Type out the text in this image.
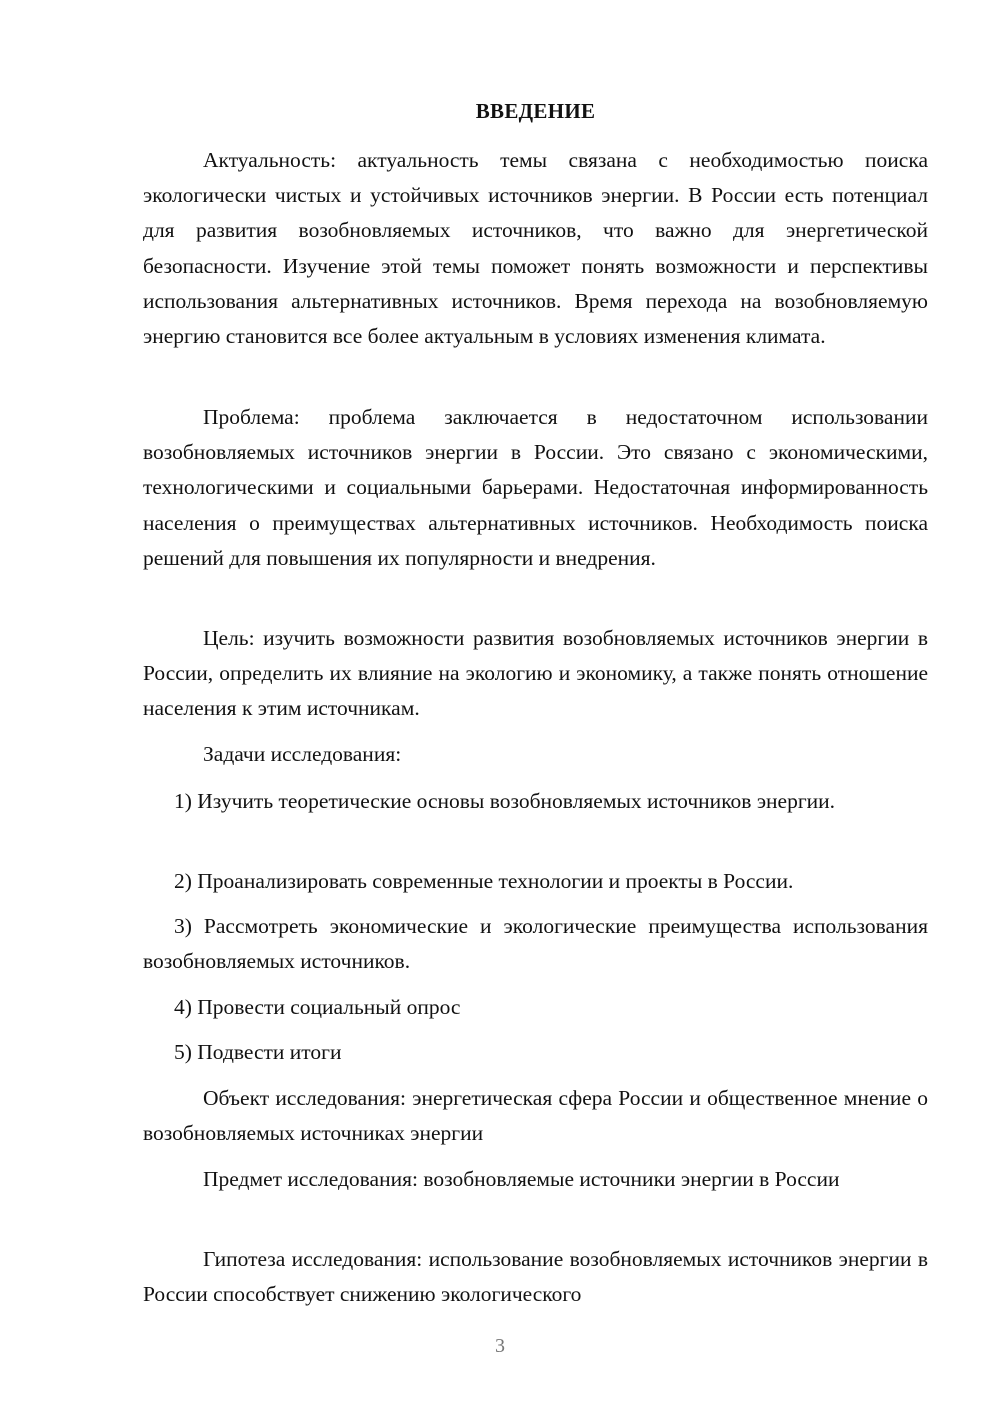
ВВЕДЕНИЕ

Актуальность: актуальность темы связана с необходимостью поиска экологически чистых и устойчивых источников энергии. В России есть потенциал для развития возобновляемых источников, что важно для энергетической безопасности. Изучение этой темы поможет понять возможности и перспективы использования альтернативных источников. Время перехода на возобновляемую энергию становится все более актуальным в условиях изменения климата.

Проблема: проблема заключается в недостаточном использовании возобновляемых источников энергии в России. Это связано с экономическими, технологическими и социальными барьерами. Недостаточная информированность населения о преимуществах альтернативных источников. Необходимость поиска решений для повышения их популярности и внедрения.

Цель: изучить возможности развития возобновляемых источников энергии в России, определить их влияние на экологию и экономику, а также понять отношение населения к этим источникам.

Задачи исследования:

1) Изучить теоретические основы возобновляемых источников энергии.

2) Проанализировать современные технологии и проекты в России.

3) Рассмотреть экономические и экологические преимущества использования возобновляемых источников.

4) Провести социальный опрос

5) Подвести итоги

Объект исследования: энергетическая сфера России и общественное мнение о возобновляемых источниках энергии

Предмет исследования: возобновляемые источники энергии в России

Гипотеза исследования: использование возобновляемых источников энергии в России способствует снижению экологического

3
